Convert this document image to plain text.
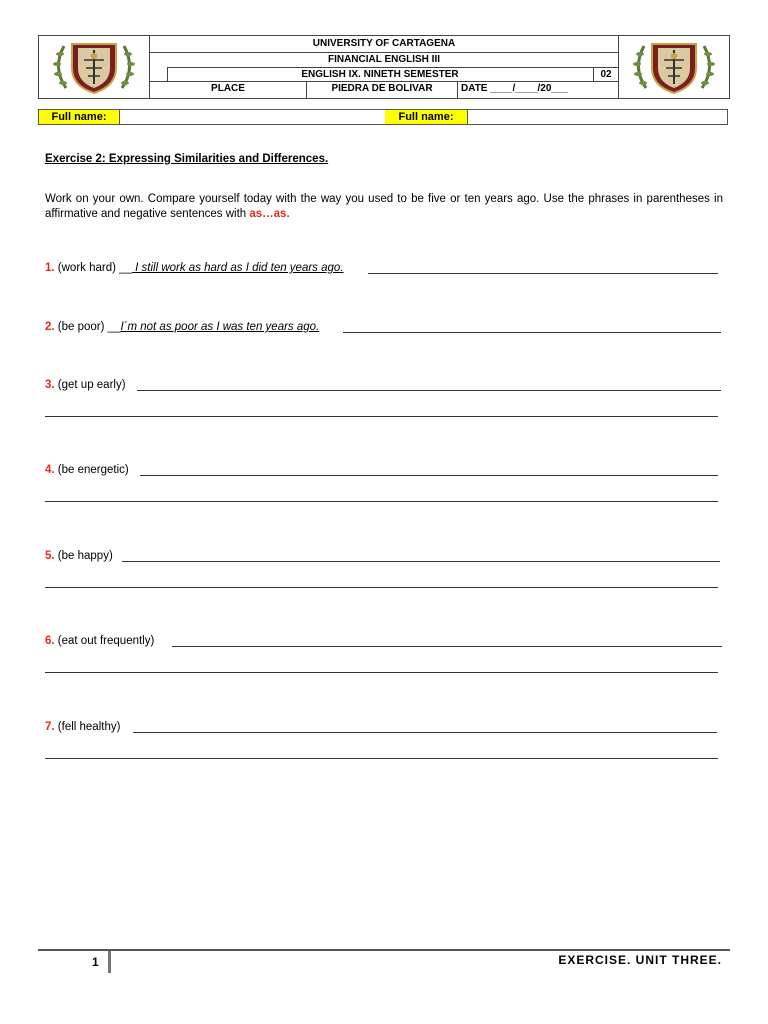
UNIVERSITY OF CARTAGENA
FINANCIAL ENGLISH III
ENGLISH IX. NINETH SEMESTER	02
PLACE	PIEDRA DE BOLIVAR	DATE ____/____/20___
Full name:	Full name:
Exercise 2: Expressing Similarities and Differences.
Work on your own. Compare yourself today with the way you used to be five or ten years ago. Use the phrases in parentheses in affirmative and negative sentences with as…as.
1. (work hard) __ I still work as hard as I did ten years ago.
2. (be poor) __I´m not as poor as I was ten years ago.
3. (get up early)
4. (be energetic)
5. (be happy)
6. (eat out frequently)
7. (fell healthy)
1	EXERCISE. UNIT THREE.
